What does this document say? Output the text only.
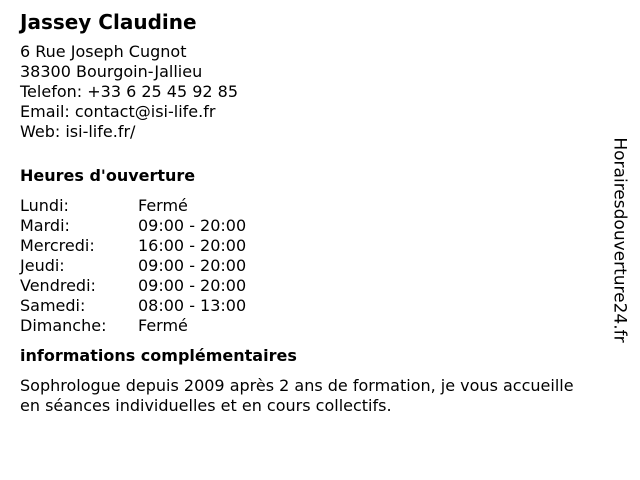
Jassey Claudine

6 Rue Joseph Cugnot

38300 Bourgoin-Jallieu

Telefon: +33 6 25 45 92 85

Email: contact@isi-life.fr

Web: isi-life.fr/

Heures d'ouverture
Lundi:	Fermé
Mardi:	09:00 - 20:00
Mercredi:	16:00 - 20:00
Jeudi:	09:00 - 20:00
Vendredi:	09:00 - 20:00
Samedi:	08:00 - 13:00
Dimanche:	Fermé
informations complémentaires

Sophrologue depuis 2009 après 2 ans de formation, je vous accueille
en séances individuelles et en cours collectifs.

Horairesdouverture24.fr
